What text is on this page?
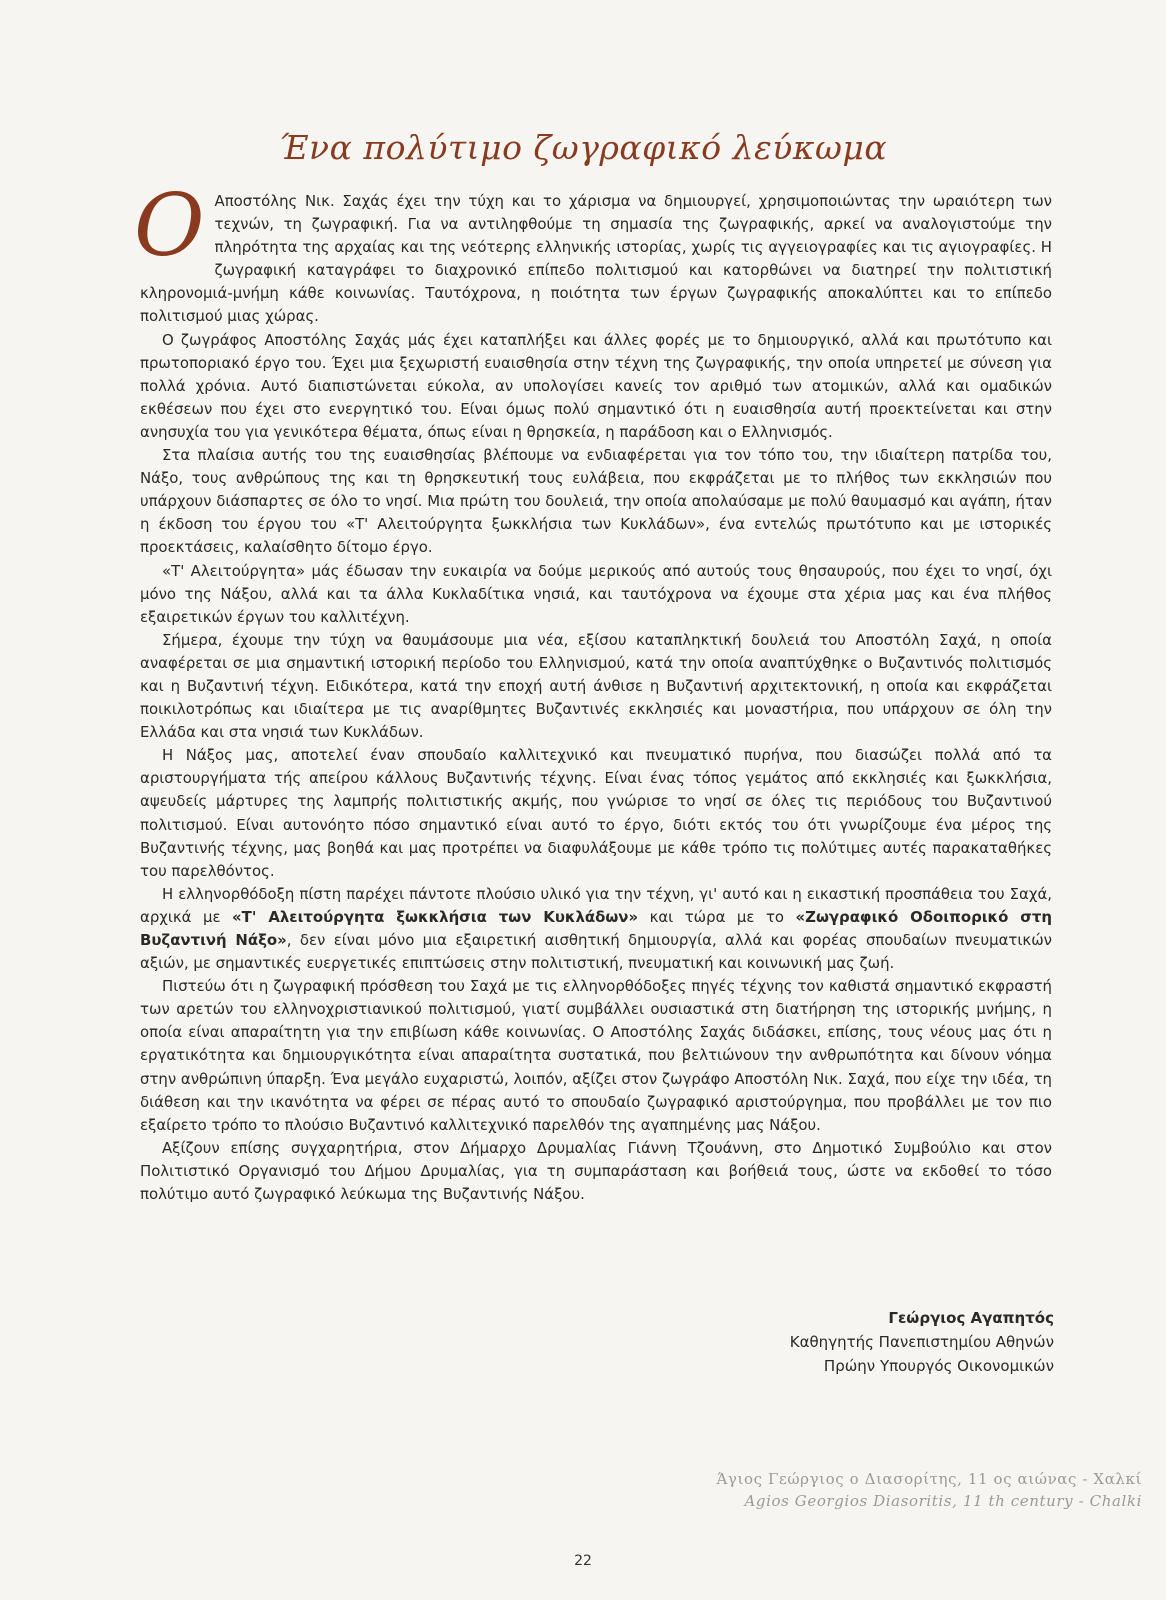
Ένα πολύτιμο ζωγραφικό λεύκωμα

Ο Αποστόλης Νικ. Σαχάς έχει την τύχη και το χάρισμα να δημιουργεί, χρησιμοποιώντας την ωραιότερη των τεχνών, τη ζωγραφική. Για να αντιληφθούμε τη σημασία της ζωγραφικής, αρκεί να αναλογιστούμε την πληρότητα της αρχαίας και της νεότερης ελληνικής ιστορίας, χωρίς τις αγγειογραφίες και τις αγιογραφίες. Η ζωγραφική καταγράφει το διαχρονικό επίπεδο πολιτισμού και κατορθώνει να διατηρεί την πολιτιστική κληρονομιά-μνήμη κάθε κοινωνίας. Ταυτόχρονα, η ποιότητα των έργων ζωγραφικής αποκαλύπτει και το επίπεδο πολιτισμού μιας χώρας.

Ο ζωγράφος Αποστόλης Σαχάς μάς έχει καταπλήξει και άλλες φορές με το δημιουργικό, αλλά και πρωτότυπο και πρωτοποριακό έργο του. Έχει μια ξεχωριστή ευαισθησία στην τέχνη της ζωγραφικής, την οποία υπηρετεί με σύνεση για πολλά χρόνια. Αυτό διαπιστώνεται εύκολα, αν υπολογίσει κανείς τον αριθμό των ατομικών, αλλά και ομαδικών εκθέσεων που έχει στο ενεργητικό του. Είναι όμως πολύ σημαντικό ότι η ευαισθησία αυτή προεκτείνεται και στην ανησυχία του για γενικότερα θέματα, όπως είναι η θρησκεία, η παράδοση και ο Ελληνισμός.

Στα πλαίσια αυτής του της ευαισθησίας βλέπουμε να ενδιαφέρεται για τον τόπο του, την ιδιαίτερη πατρίδα του, Νάξο, τους ανθρώπους της και τη θρησκευτική τους ευλάβεια, που εκφράζεται με το πλήθος των εκκλησιών που υπάρχουν διάσπαρτες σε όλο το νησί. Μια πρώτη του δουλειά, την οποία απολαύσαμε με πολύ θαυμασμό και αγάπη, ήταν η έκδοση του έργου του «Τ' Αλειτούργητα ξωκκλήσια των Κυκλάδων», ένα εντελώς πρωτότυπο και με ιστορικές προεκτάσεις, καλαίσθητο δίτομο έργο.

«Τ' Αλειτούργητα» μάς έδωσαν την ευκαιρία να δούμε μερικούς από αυτούς τους θησαυρούς, που έχει το νησί, όχι μόνο της Νάξου, αλλά και τα άλλα Κυκλαδίτικα νησιά, και ταυτόχρονα να έχουμε στα χέρια μας και ένα πλήθος εξαιρετικών έργων του καλλιτέχνη.

Σήμερα, έχουμε την τύχη να θαυμάσουμε μια νέα, εξίσου καταπληκτική δουλειά του Αποστόλη Σαχά, η οποία αναφέρεται σε μια σημαντική ιστορική περίοδο του Ελληνισμού, κατά την οποία αναπτύχθηκε ο Βυζαντινός πολιτισμός και η Βυζαντινή τέχνη. Ειδικότερα, κατά την εποχή αυτή άνθισε η Βυζαντινή αρχιτεκτονική, η οποία και εκφράζεται ποικιλοτρόπως και ιδιαίτερα με τις αναρίθμητες Βυζαντινές εκκλησιές και μοναστήρια, που υπάρχουν σε όλη την Ελλάδα και στα νησιά των Κυκλάδων.

Η Νάξος μας, αποτελεί έναν σπουδαίο καλλιτεχνικό και πνευματικό πυρήνα, που διασώζει πολλά από τα αριστουργήματα τής απείρου κάλλους Βυζαντινής τέχνης. Είναι ένας τόπος γεμάτος από εκκλησιές και ξωκκλήσια, αψευδείς μάρτυρες της λαμπρής πολιτιστικής ακμής, που γνώρισε το νησί σε όλες τις περιόδους του Βυζαντινού πολιτισμού. Είναι αυτονόητο πόσο σημαντικό είναι αυτό το έργο, διότι εκτός του ότι γνωρίζουμε ένα μέρος της Βυζαντινής τέχνης, μας βοηθά και μας προτρέπει να διαφυλάξουμε με κάθε τρόπο τις πολύτιμες αυτές παρακαταθήκες του παρελθόντος.

Η ελληνορθόδοξη πίστη παρέχει πάντοτε πλούσιο υλικό για την τέχνη, γι' αυτό και η εικαστική προσπάθεια του Σαχά, αρχικά με «Τ' Αλειτούργητα ξωκκλήσια των Κυκλάδων» και τώρα με το «Ζωγραφικό Οδοιπορικό στη Βυζαντινή Νάξο», δεν είναι μόνο μια εξαιρετική αισθητική δημιουργία, αλλά και φορέας σπουδαίων πνευματικών αξιών, με σημαντικές ευεργετικές επιπτώσεις στην πολιτιστική, πνευματική και κοινωνική μας ζωή.

Πιστεύω ότι η ζωγραφική πρόσθεση του Σαχά με τις ελληνορθόδοξες πηγές τέχνης τον καθιστά σημαντικό εκφραστή των αρετών του ελληνοχριστιανικού πολιτισμού, γιατί συμβάλλει ουσιαστικά στη διατήρηση της ιστορικής μνήμης, η οποία είναι απαραίτητη για την επιβίωση κάθε κοινωνίας. Ο Αποστόλης Σαχάς διδάσκει, επίσης, τους νέους μας ότι η εργατικότητα και δημιουργικότητα είναι απαραίτητα συστατικά, που βελτιώνουν την ανθρωπότητα και δίνουν νόημα στην ανθρώπινη ύπαρξη. Ένα μεγάλο ευχαριστώ, λοιπόν, αξίζει στον ζωγράφο Αποστόλη Νικ. Σαχά, που είχε την ιδέα, τη διάθεση και την ικανότητα να φέρει σε πέρας αυτό το σπουδαίο ζωγραφικό αριστούργημα, που προβάλλει με τον πιο εξαίρετο τρόπο το πλούσιο Βυζαντινό καλλιτεχνικό παρελθόν της αγαπημένης μας Νάξου.

Αξίζουν επίσης συγχαρητήρια, στον Δήμαρχο Δρυμαλίας Γιάννη Τζουάννη, στο Δημοτικό Συμβούλιο και στον Πολιτιστικό Οργανισμό του Δήμου Δρυμαλίας, για τη συμπαράσταση και βοήθειά τους, ώστε να εκδοθεί το τόσο πολύτιμο αυτό ζωγραφικό λεύκωμα της Βυζαντινής Νάξου.

Γεώργιος Αγαπητός
Καθηγητής Πανεπιστημίου Αθηνών
Πρώην Υπουργός Οικονομικών
Άγιος Γεώργιος ο Διασορίτης, 11 ος αιώνας - Χαλκί
Agios Georgios Diasoritis, 11 th century - Chalki
22
